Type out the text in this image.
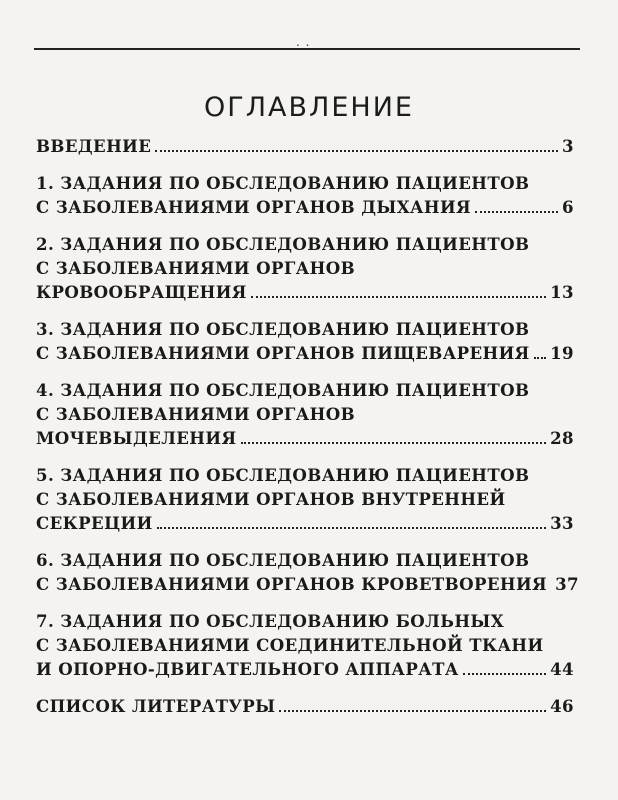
. .
ОГЛАВЛЕНИЕ
ВВЕДЕНИЕ	3
1. ЗАДАНИЯ ПО ОБСЛЕДОВАНИЮ ПАЦИЕНТОВ
С ЗАБОЛЕВАНИЯМИ ОРГАНОВ ДЫХАНИЯ	6
2. ЗАДАНИЯ ПО ОБСЛЕДОВАНИЮ ПАЦИЕНТОВ
С ЗАБОЛЕВАНИЯМИ ОРГАНОВ
КРОВООБРАЩЕНИЯ	13
3. ЗАДАНИЯ ПО ОБСЛЕДОВАНИЮ ПАЦИЕНТОВ
С ЗАБОЛЕВАНИЯМИ ОРГАНОВ ПИЩЕВАРЕНИЯ 19
4. ЗАДАНИЯ ПО ОБСЛЕДОВАНИЮ ПАЦИЕНТОВ
С ЗАБОЛЕВАНИЯМИ ОРГАНОВ
МОЧЕВЫДЕЛЕНИЯ	28
5. ЗАДАНИЯ ПО ОБСЛЕДОВАНИЮ ПАЦИЕНТОВ
С ЗАБОЛЕВАНИЯМИ ОРГАНОВ ВНУТРЕННЕЙ
СЕКРЕЦИИ	33
6. ЗАДАНИЯ ПО ОБСЛЕДОВАНИЮ ПАЦИЕНТОВ
С ЗАБОЛЕВАНИЯМИ ОРГАНОВ КРОВЕТВОРЕНИЯ 37
7. ЗАДАНИЯ ПО ОБСЛЕДОВАНИЮ БОЛЬНЫХ
С ЗАБОЛЕВАНИЯМИ СОЕДИНИТЕЛЬНОЙ ТКАНИ
И ОПОРНО-ДВИГАТЕЛЬНОГО АППАРАТА	44
СПИСОК ЛИТЕРАТУРЫ	46
